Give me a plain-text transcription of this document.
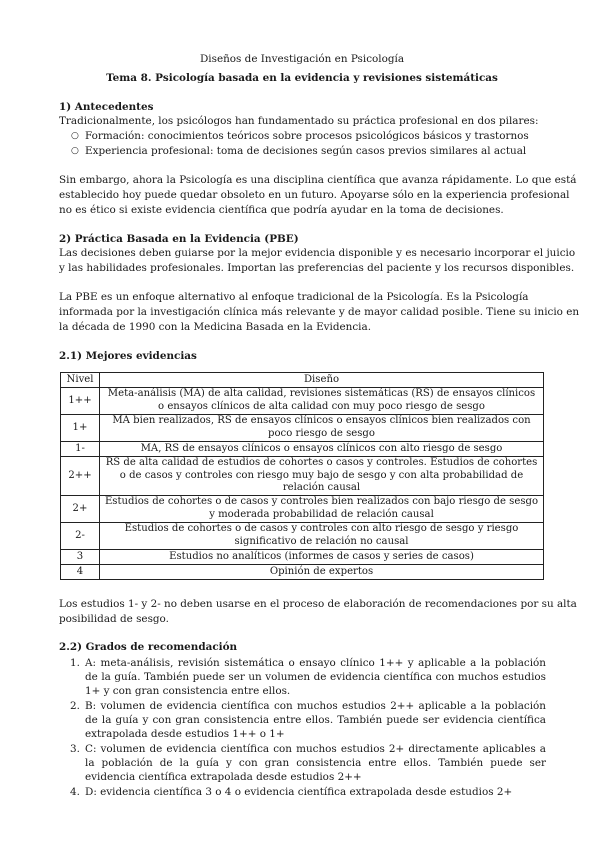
Diseños de Investigación en Psicología
Tema 8. Psicología basada en la evidencia y revisiones sistemáticas
1) Antecedentes
Tradicionalmente, los psicólogos han fundamentado su práctica profesional en dos pilares:
○ Formación: conocimientos teóricos sobre procesos psicológicos básicos y trastornos
○ Experiencia profesional: toma de decisiones según casos previos similares al actual
Sin embargo, ahora la Psicología es una disciplina científica que avanza rápidamente. Lo que está
establecido hoy puede quedar obsoleto en un futuro. Apoyarse sólo en la experiencia profesional
no es ético si existe evidencia científica que podría ayudar en la toma de decisiones.
2) Práctica Basada en la Evidencia (PBE)
Las decisiones deben guiarse por la mejor evidencia disponible y es necesario incorporar el juicio
y las habilidades profesionales. Importan las preferencias del paciente y los recursos disponibles.
La PBE es un enfoque alternativo al enfoque tradicional de la Psicología. Es la Psicología
informada por la investigación clínica más relevante y de mayor calidad posible. Tiene su inicio en
la década de 1990 con la Medicina Basada en la Evidencia.
2.1) Mejores evidencias
Nivel	Diseño
1++	Meta-análisis (MA) de alta calidad, revisiones sistemáticas (RS) de ensayos clínicos o ensayos clínicos de alta calidad con muy poco riesgo de sesgo
1+	MA bien realizados, RS de ensayos clínicos o ensayos clínicos bien realizados con poco riesgo de sesgo
1-	MA, RS de ensayos clínicos o ensayos clínicos con alto riesgo de sesgo
2++	RS de alta calidad de estudios de cohortes o casos y controles. Estudios de cohortes o de casos y controles con riesgo muy bajo de sesgo y con alta probabilidad de relación causal
2+	Estudios de cohortes o de casos y controles bien realizados con bajo riesgo de sesgo y moderada probabilidad de relación causal
2-	Estudios de cohortes o de casos y controles con alto riesgo de sesgo y riesgo significativo de relación no causal
3	Estudios no analíticos (informes de casos y series de casos)
4	Opinión de expertos
Los estudios 1- y 2- no deben usarse en el proceso de elaboración de recomendaciones por su alta
posibilidad de sesgo.
2.2) Grados de recomendación
1. A: meta-análisis, revisión sistemática o ensayo clínico 1++ y aplicable a la población de la guía. También puede ser un volumen de evidencia científica con muchos estudios 1+ y con gran consistencia entre ellos.
2. B: volumen de evidencia científica con muchos estudios 2++ aplicable a la población de la guía y con gran consistencia entre ellos. También puede ser evidencia científica extrapolada desde estudios 1++ o 1+
3. C: volumen de evidencia científica con muchos estudios 2+ directamente aplicables a la población de la guía y con gran consistencia entre ellos. También puede ser evidencia científica extrapolada desde estudios 2++
4. D: evidencia científica 3 o 4 o evidencia científica extrapolada desde estudios 2+
